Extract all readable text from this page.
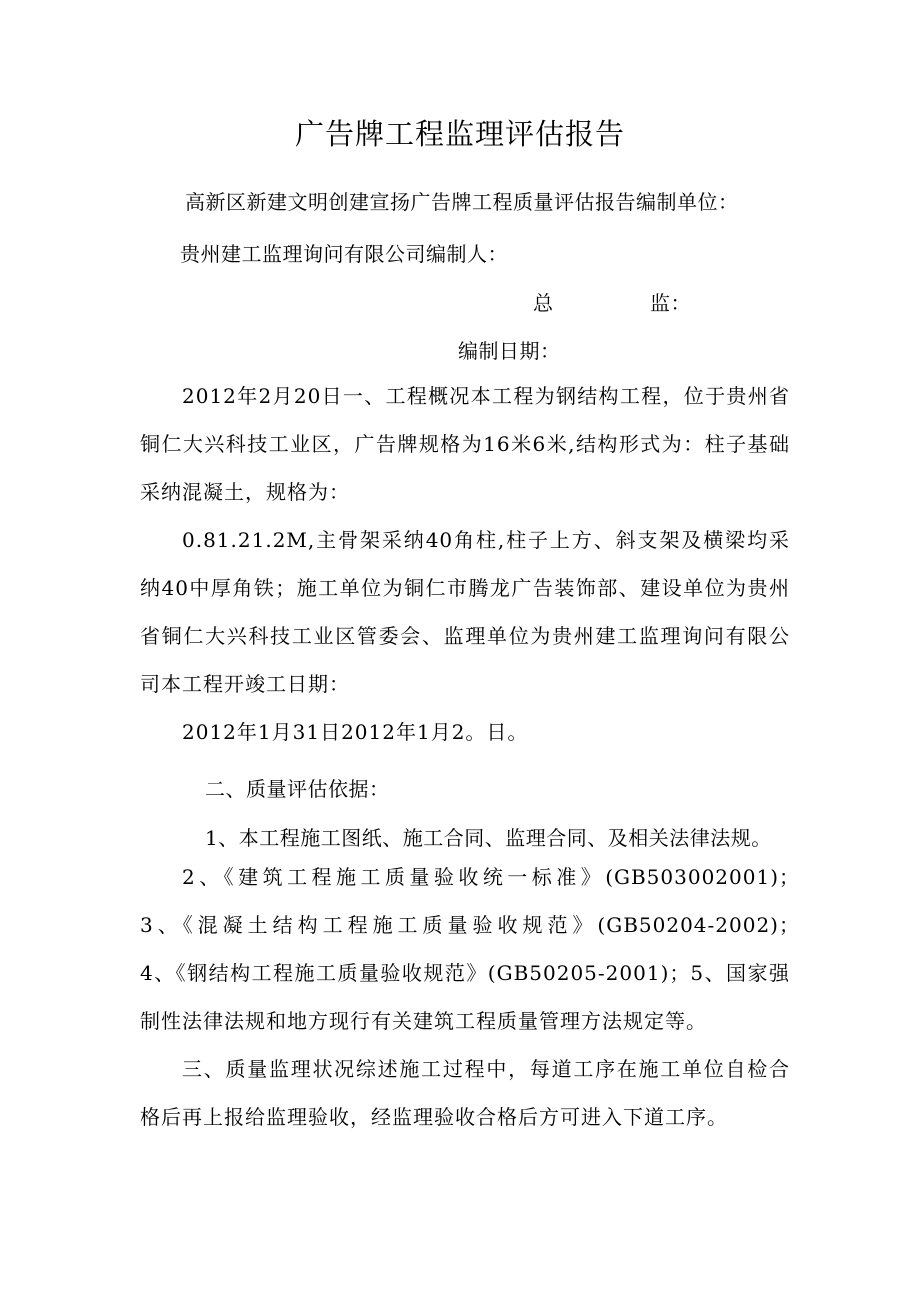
广告牌工程监理评估报告
高新区新建文明创建宣扬广告牌工程质量评估报告编制单位：
贵州建工监理询问有限公司编制人：
总	监：
编制日期：
2012年2月20日一、工程概况本工程为钢结构工程，位于贵州省铜仁大兴科技工业区，广告牌规格为16米6米,结构形式为：柱子基础采纳混凝土，规格为：
0.81.21.2M,主骨架采纳40角柱,柱子上方、斜支架及横梁均采纳40中厚角铁；施工单位为铜仁市腾龙广告装饰部、建设单位为贵州省铜仁大兴科技工业区管委会、监理单位为贵州建工监理询问有限公司本工程开竣工日期：
2012年1月31日2012年1月2。日。
二、质量评估依据：
1、本工程施工图纸、施工合同、监理合同、及相关法律法规。
2、《建筑工程施工质量验收统一标准》(GB503002001)；　　3、《混凝土结构工程施工质量验收规范》(GB50204-2002)；　　4、《钢结构工程施工质量验收规范》(GB50205-2001)；5、国家强制性法律法规和地方现行有关建筑工程质量管理方法规定等。
三、质量监理状况综述施工过程中，每道工序在施工单位自检合格后再上报给监理验收，经监理验收合格后方可进入下道工序。
